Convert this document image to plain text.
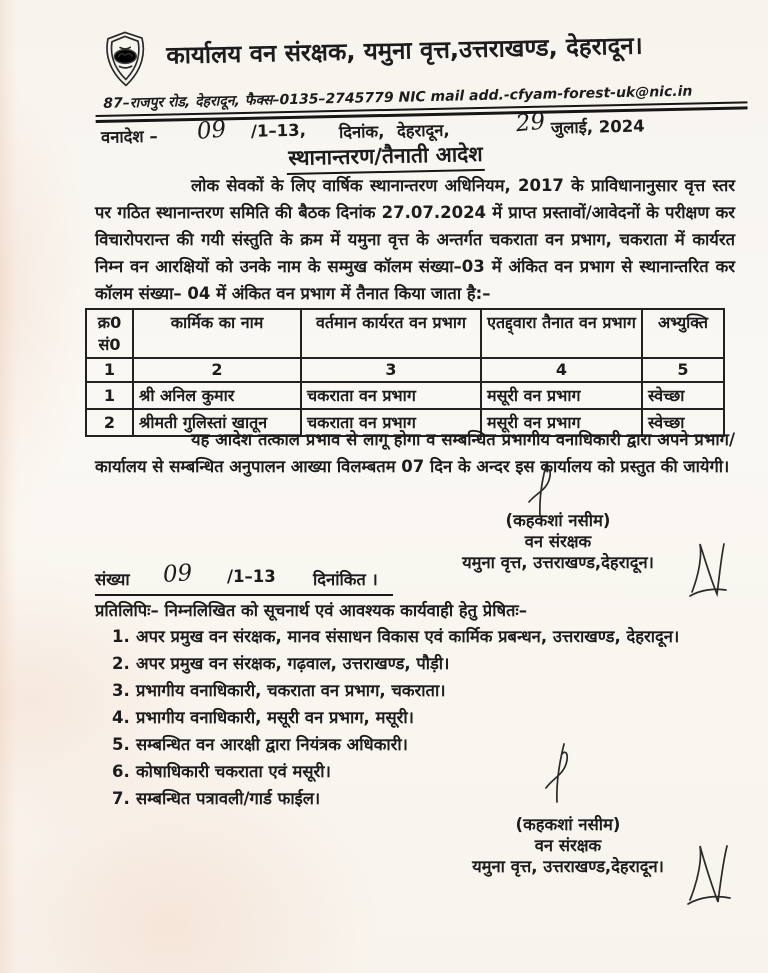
कार्यालय वन संरक्षक, यमुना वृत्त,उत्तराखण्ड, देहरादून।
87–राजपुर रोड, देहरादून, फैक्स–0135–2745779 NIC mail add.-cfyam-forest-uk@nic.in
वनादेश – 09 /1–13, दिनांक, देहरादून,	29 जुलाई, 2024
स्थानान्तरण/तैनाती आदेश
लोक सेवकों के लिए वार्षिक स्थानान्तरण अधिनियम, 2017 के प्राविधानानुसार वृत्त स्तर पर गठित स्थानान्तरण समिति की बैठक दिनांक 27.07.2024 में प्राप्त प्रस्तावों/आवेदनों के परीक्षण कर विचारोपरान्त की गयी संस्तुति के क्रम में यमुना वृत्त के अन्तर्गत चकराता वन प्रभाग, चकराता में कार्यरत निम्न वन आरक्षियों को उनके नाम के सम्मुख कॉलम संख्या–03 में अंकित वन प्रभाग से स्थानान्तरित कर कॉलम संख्या– 04 में अंकित वन प्रभाग में तैनात किया जाता है:–
क्र0 सं0	कार्मिक का नाम	वर्तमान कार्यरत वन प्रभाग	एतद्द्वारा तैनात वन प्रभाग	अभ्युक्ति
1	2	3	4	5
1	श्री अनिल कुमार	चकराता वन प्रभाग	मसूरी वन प्रभाग	स्वेच्छा
2	श्रीमती गुलिस्तां खातून	चकराता वन प्रभाग	मसूरी वन प्रभाग	स्वेच्छा
यह आदेश तत्काल प्रभाव से लागू होगा व सम्बन्धित प्रभागीय वनाधिकारी द्वारा अपने प्रभाग/कार्यालय से सम्बन्धित अनुपालन आख्या विलम्बतम 07 दिन के अन्दर इस कार्यालय को प्रस्तुत की जायेगी।
(कहकशां नसीम)
वन संरक्षक
यमुना वृत्त, उत्तराखण्ड,देहरादून।
संख्या 09 /1–13 दिनांकित ।
प्रतिलिपिः– निम्नलिखित को सूचनार्थ एवं आवश्यक कार्यवाही हेतु प्रेषितः–
1. अपर प्रमुख वन संरक्षक, मानव संसाधन विकास एवं कार्मिक प्रबन्धन, उत्तराखण्ड, देहरादून।
2. अपर प्रमुख वन संरक्षक, गढ़वाल, उत्तराखण्ड, पौड़ी।
3. प्रभागीय वनाधिकारी, चकराता वन प्रभाग, चकराता।
4. प्रभागीय वनाधिकारी, मसूरी वन प्रभाग, मसूरी।
5. सम्बन्धित वन आरक्षी द्वारा नियंत्रक अधिकारी।
6. कोषाधिकारी चकराता एवं मसूरी।
7. सम्बन्धित पत्रावली/गार्ड फाईल।
(कहकशां नसीम)
वन संरक्षक
यमुना वृत्त, उत्तराखण्ड,देहरादून।
